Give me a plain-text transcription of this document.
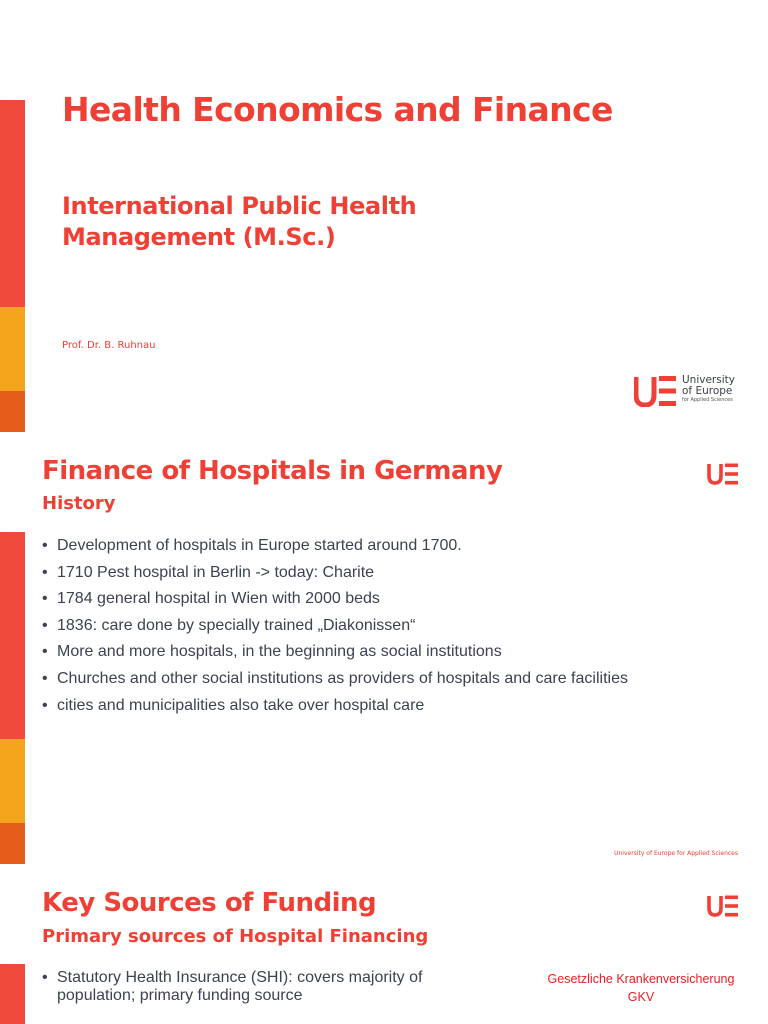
Health Economics and Finance
International Public Health Management (M.Sc.)
Prof. Dr. B. Ruhnau
University
of Europe
for Applied Sciences
Finance of Hospitals in Germany
History
• Development of hospitals in Europe started around 1700.
• 1710 Pest hospital in Berlin -> today: Charite
• 1784 general hospital in Wien with 2000 beds
• 1836: care done by specially trained „Diakonissen“
• More and more hospitals, in the beginning as social institutions
• Churches and other social institutions as providers of hospitals and care facilities
• cities and municipalities also take over hospital care
University of Europe for Applied Sciences
Key Sources of Funding
Primary sources of Hospital Financing
• Statutory Health Insurance (SHI): covers majority of population; primary funding source
Gesetzliche Krankenversicherung
GKV
